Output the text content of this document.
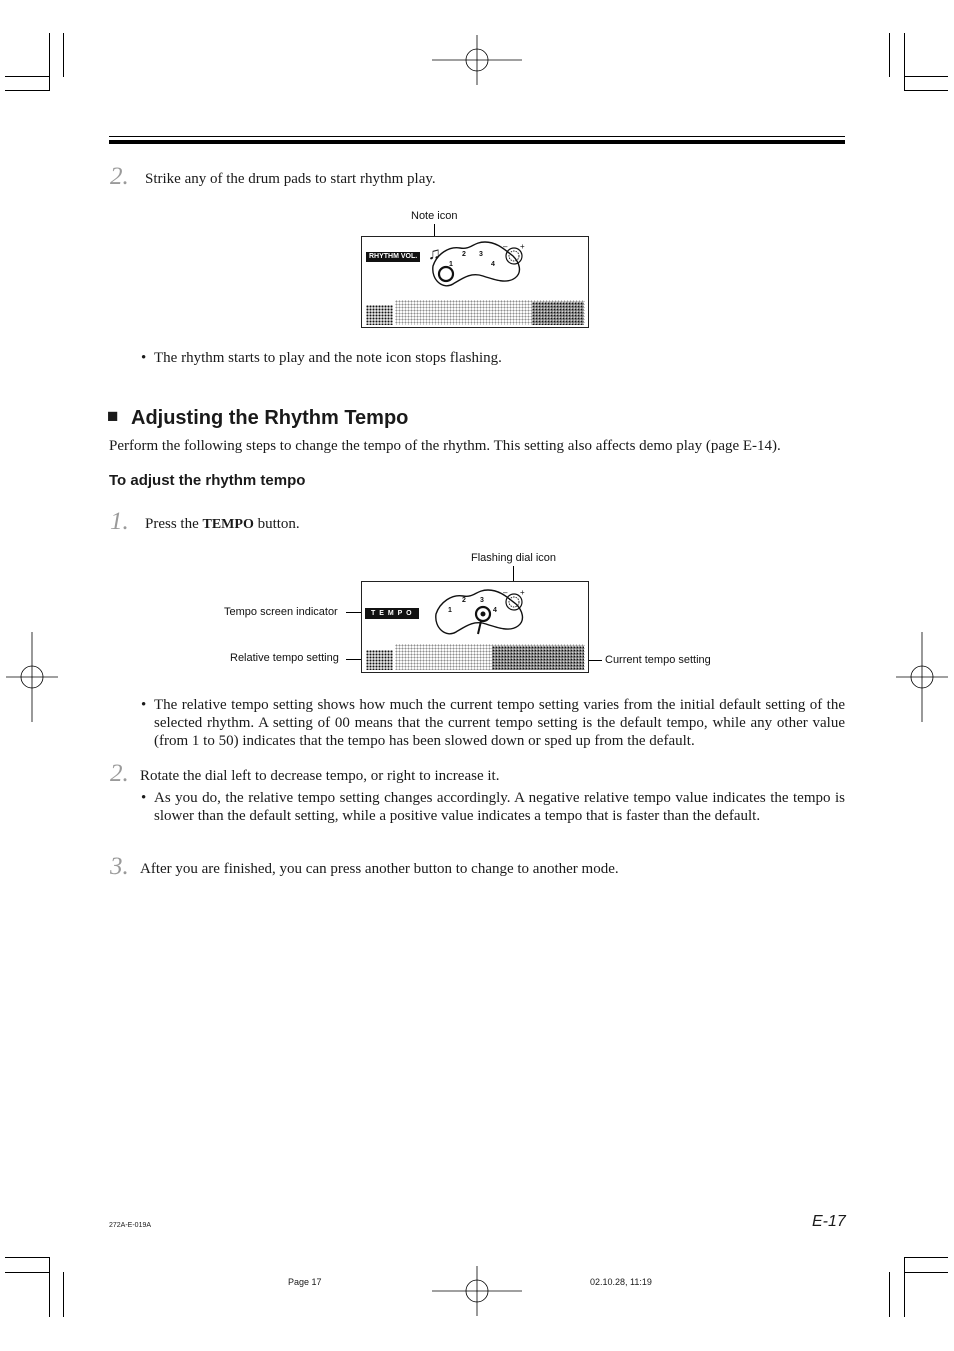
2. Strike any of the drum pads to start rhythm play.
Note icon
RHYTHM VOL. ♫
1
2 3
4
– +
• The rhythm starts to play and the note icon stops flashing.
■ Adjusting the Rhythm Tempo
Perform the following steps to change the tempo of the rhythm. This setting also affects demo play (page E-14).
To adjust the rhythm tempo
1. Press the TEMPO button.
Flashing dial icon
Tempo screen indicator
Relative tempo setting	Current tempo setting
T E M P O	1
2 3
4
– +
• The relative tempo setting shows how much the current tempo setting varies from the initial default setting of the selected rhythm. A setting of 00 means that the current tempo setting is the default tempo, while any other value (from 1 to 50) indicates that the tempo has been slowed down or sped up from the default.
2. Rotate the dial left to decrease tempo, or right to increase it.
• As you do, the relative tempo setting changes accordingly. A negative relative tempo value indicates the tempo is slower than the default setting, while a positive value indicates a tempo that is faster than the default.
3. After you are finished, you can press another button to change to another mode.
E-17
272A-E-019A
Page 17	02.10.28, 11:19
